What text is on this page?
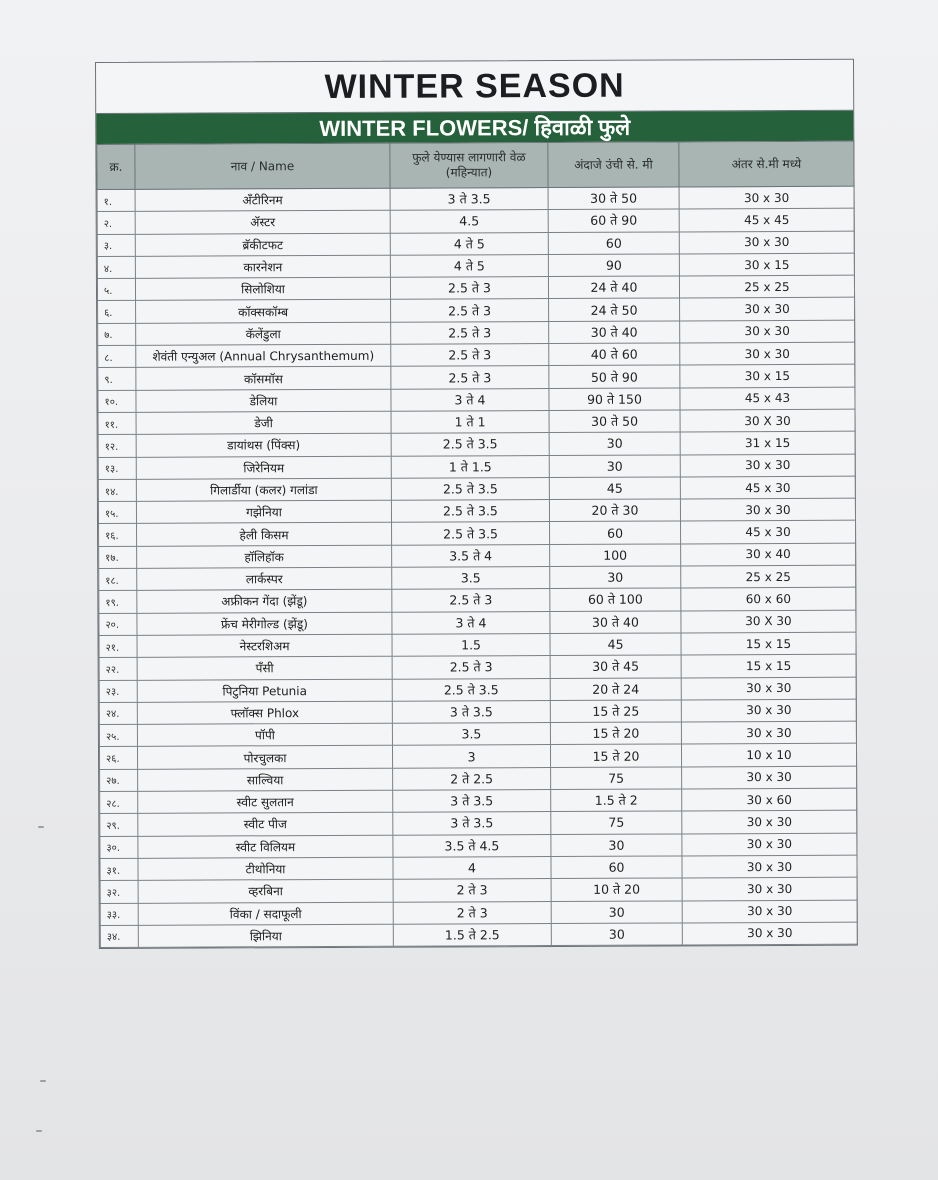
WINTER SEASON
WINTER FLOWERS/ हिवाळी फुले
क्र.	नाव / Name	फुले येण्यास लागणारी वेळ (महिन्यात)	अंदाजे उंची से. मी	अंतर से.मी मध्ये
१.	ॲंटीरिनम	3 ते 3.5	30 ते 50	30 x 30
२.	ॲस्टर	4.5	60 ते 90	45 x 45
३.	ब्रॅकीटफट	4 ते 5	60	30 x 30
४.	कारनेशन	4 ते 5	90	30 x 15
५.	सिलोशिया	2.5 ते 3	24 ते 40	25 x 25
६.	कॉक्सकॉम्ब	2.5 ते 3	24 ते 50	30 x 30
७.	कॅलेंडुला	2.5 ते 3	30 ते 40	30 x 30
८.	शेवंती एन्युअल (Annual Chrysanthemum)	2.5 ते 3	40 ते 60	30 x 30
९.	कॉसमॉस	2.5 ते 3	50 ते 90	30 x 15
१०.	डेलिया	3 ते 4	90 ते 150	45 x 43
११.	डेजी	1 ते 1	30 ते 50	30 X 30
१२.	डायांथस (पिंक्स)	2.5 ते 3.5	30	31 x 15
१३.	जिरेनियम	1 ते 1.5	30	30 x 30
१४.	गिलार्डीया (कलर) गलांडा	2.5 ते 3.5	45	45 x 30
१५.	गझेनिया	2.5 ते 3.5	20 ते 30	30 x 30
१६.	हेली किसम	2.5 ते 3.5	60	45 x 30
१७.	हॉलिहॉक	3.5 ते 4	100	30 x 40
१८.	लार्कस्पर	3.5	30	25 x 25
१९.	अफ्रीकन गेंदा (झेंडू)	2.5 ते 3	60 ते 100	60 x 60
२०.	फ्रेंच मेरीगोल्ड (झेंडू)	3 ते 4	30 ते 40	30 X 30
२१.	नेस्टरशिअम	1.5	45	15 x 15
२२.	पॅंसी	2.5 ते 3	30 ते 45	15 x 15
२३.	पिटुनिया Petunia	2.5 ते 3.5	20 ते 24	30 x 30
२४.	फ्लॉक्स Phlox	3 ते 3.5	15 ते 25	30 x 30
२५.	पॉपी	3.5	15 ते 20	30 x 30
२६.	पोरचुलका	3	15 ते 20	10 x 10
२७.	साल्विया	2 ते 2.5	75	30 x 30
२८.	स्वीट सुलतान	3 ते 3.5	1.5 ते 2	30 x 60
२९.	स्वीट पीज	3 ते 3.5	75	30 x 30
३०.	स्वीट विलियम	3.5 ते 4.5	30	30 x 30
३१.	टीथोनिया	4	60	30 x 30
३२.	व्हरबिना	2 ते 3	10 ते 20	30 x 30
३३.	विंका / सदाफूली	2 ते 3	30	30 x 30
३४.	झिनिया	1.5 ते 2.5	30	30 x 30
